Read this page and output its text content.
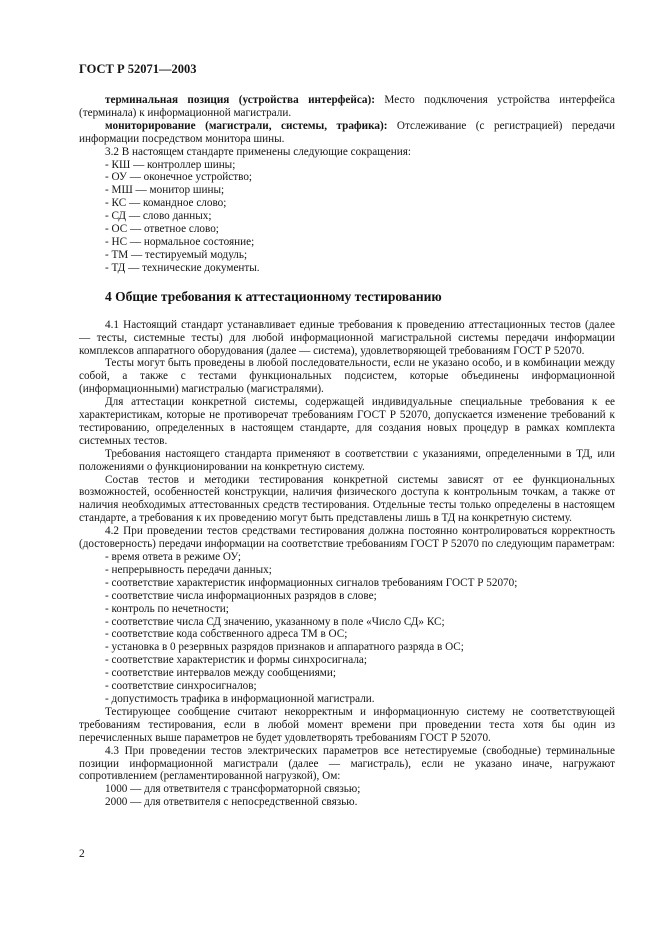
ГОСТ Р 52071—2003

терминальная позиция (устройства интерфейса): Место подключения устройства интерфейса (терминала) к информационной магистрали.

мониторирование (магистрали, системы, трафика): Отслеживание (с регистрацией) передачи информации посредством монитора шины.

3.2 В настоящем стандарте применены следующие сокращения:

- КШ — контроллер шины;

- ОУ — оконечное устройство;

- МШ — монитор шины;

- КС — командное слово;

- СД — слово данных;

- ОС — ответное слово;

- НС — нормальное состояние;

- ТМ — тестируемый модуль;

- ТД — технические документы.

4 Общие требования к аттестационному тестированию

4.1 Настоящий стандарт устанавливает единые требования к проведению аттестационных тестов (далее — тесты, системные тесты) для любой информационной магистральной системы передачи информации комплексов аппаратного оборудования (далее — система), удовлетворяющей требованиям ГОСТ Р 52070.

Тесты могут быть проведены в любой последовательности, если не указано особо, и в комбинации между собой, а также с тестами функциональных подсистем, которые объединены информационной (информационными) магистралью (магистралями).

Для аттестации конкретной системы, содержащей индивидуальные специальные требования к ее характеристикам, которые не противоречат требованиям ГОСТ Р 52070, допускается изменение требований к тестированию, определенных в настоящем стандарте, для создания новых процедур в рамках комплекта системных тестов.

Требования настоящего стандарта применяют в соответствии с указаниями, определенными в ТД, или положениями о функционировании на конкретную систему.

Состав тестов и методики тестирования конкретной системы зависят от ее функциональных возможностей, особенностей конструкции, наличия физического доступа к контрольным точкам, а также от наличия необходимых аттестованных средств тестирования. Отдельные тесты только определены в настоящем стандарте, а требования к их проведению могут быть представлены лишь в ТД на конкретную систему.

4.2 При проведении тестов средствами тестирования должна постоянно контролироваться корректность (достоверность) передачи информации на соответствие требованиям ГОСТ Р 52070 по следующим параметрам:

- время ответа в режиме ОУ;

- непрерывность передачи данных;

- соответствие характеристик информационных сигналов требованиям ГОСТ Р 52070;

- соответствие числа информационных разрядов в слове;

- контроль по нечетности;

- соответствие числа СД значению, указанному в поле «Число СД» КС;

- соответствие кода собственного адреса ТМ в ОС;

- установка в 0 резервных разрядов признаков и аппаратного разряда в ОС;

- соответствие характеристик и формы синхросигнала;

- соответствие интервалов между сообщениями;

- соответствие синхросигналов;

- допустимость трафика в информационной магистрали.

Тестирующее сообщение считают некорректным и информационную систему не соответствующей требованиям тестирования, если в любой момент времени при проведении теста хотя бы один из перечисленных выше параметров не будет удовлетворять требованиям ГОСТ Р 52070.

4.3 При проведении тестов электрических параметров все нетестируемые (свободные) терминальные позиции информационной магистрали (далее — магистраль), если не указано иначе, нагружают сопротивлением (регламентированной нагрузкой), Ом:

1000 — для ответвителя с трансформаторной связью;

2000 — для ответвителя с непосредственной связью.

2
